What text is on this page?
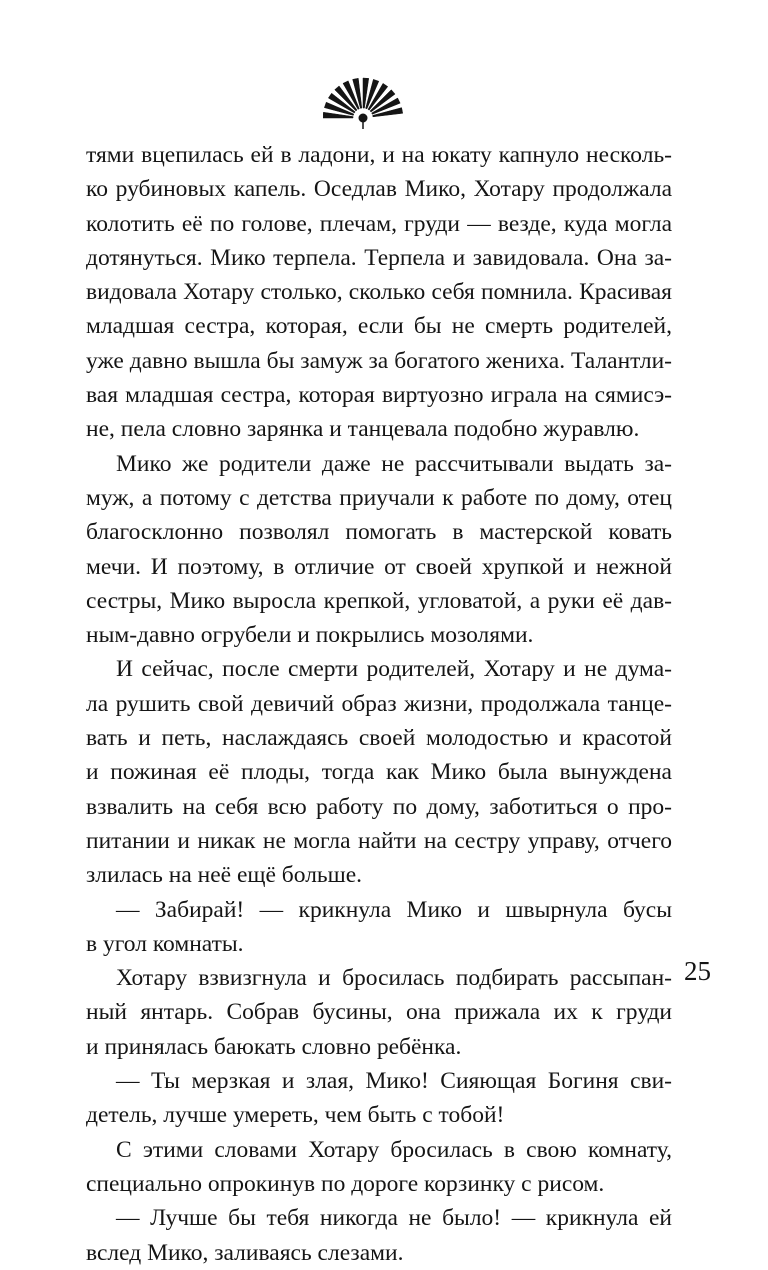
тями вцепилась ей в ладони, и на юкату капнуло несколь-
ко рубиновых капель. Оседлав Мико, Хотару продолжала
колотить её по голове, плечам, груди — везде, куда могла
дотянуться. Мико терпела. Терпела и завидовала. Она за-
видовала Хотару столько, сколько себя помнила. Красивая
младшая сестра, которая, если бы не смерть родителей,
уже давно вышла бы замуж за богатого жениха. Талантли-
вая младшая сестра, которая виртуозно играла на сямисэ-
не, пела словно зарянка и танцевала подобно журавлю.
Мико же родители даже не рассчитывали выдать за-
муж, а потому с детства приучали к работе по дому, отец
благосклонно позволял помогать в мастерской ковать
мечи. И поэтому, в отличие от своей хрупкой и нежной
сестры, Мико выросла крепкой, угловатой, а руки её дав-
ным-давно огрубели и покрылись мозолями.
И сейчас, после смерти родителей, Хотару и не дума-
ла рушить свой девичий образ жизни, продолжала танце-
вать и петь, наслаждаясь своей молодостью и красотой
и пожиная её плоды, тогда как Мико была вынуждена
взвалить на себя всю работу по дому, заботиться о про-
питании и никак не могла найти на сестру управу, отчего
злилась на неё ещё больше.
— Забирай! — крикнула Мико и швырнула бусы
в угол комнаты.
Хотару взвизгнула и бросилась подбирать рассыпан-
ный янтарь. Собрав бусины, она прижала их к груди
и принялась баюкать словно ребёнка.
— Ты мерзкая и злая, Мико! Сияющая Богиня сви-
детель, лучше умереть, чем быть с тобой!
С этими словами Хотару бросилась в свою комнату,
специально опрокинув по дороге корзинку с рисом.
— Лучше бы тебя никогда не было! — крикнула ей
вслед Мико, заливаясь слезами.
25
